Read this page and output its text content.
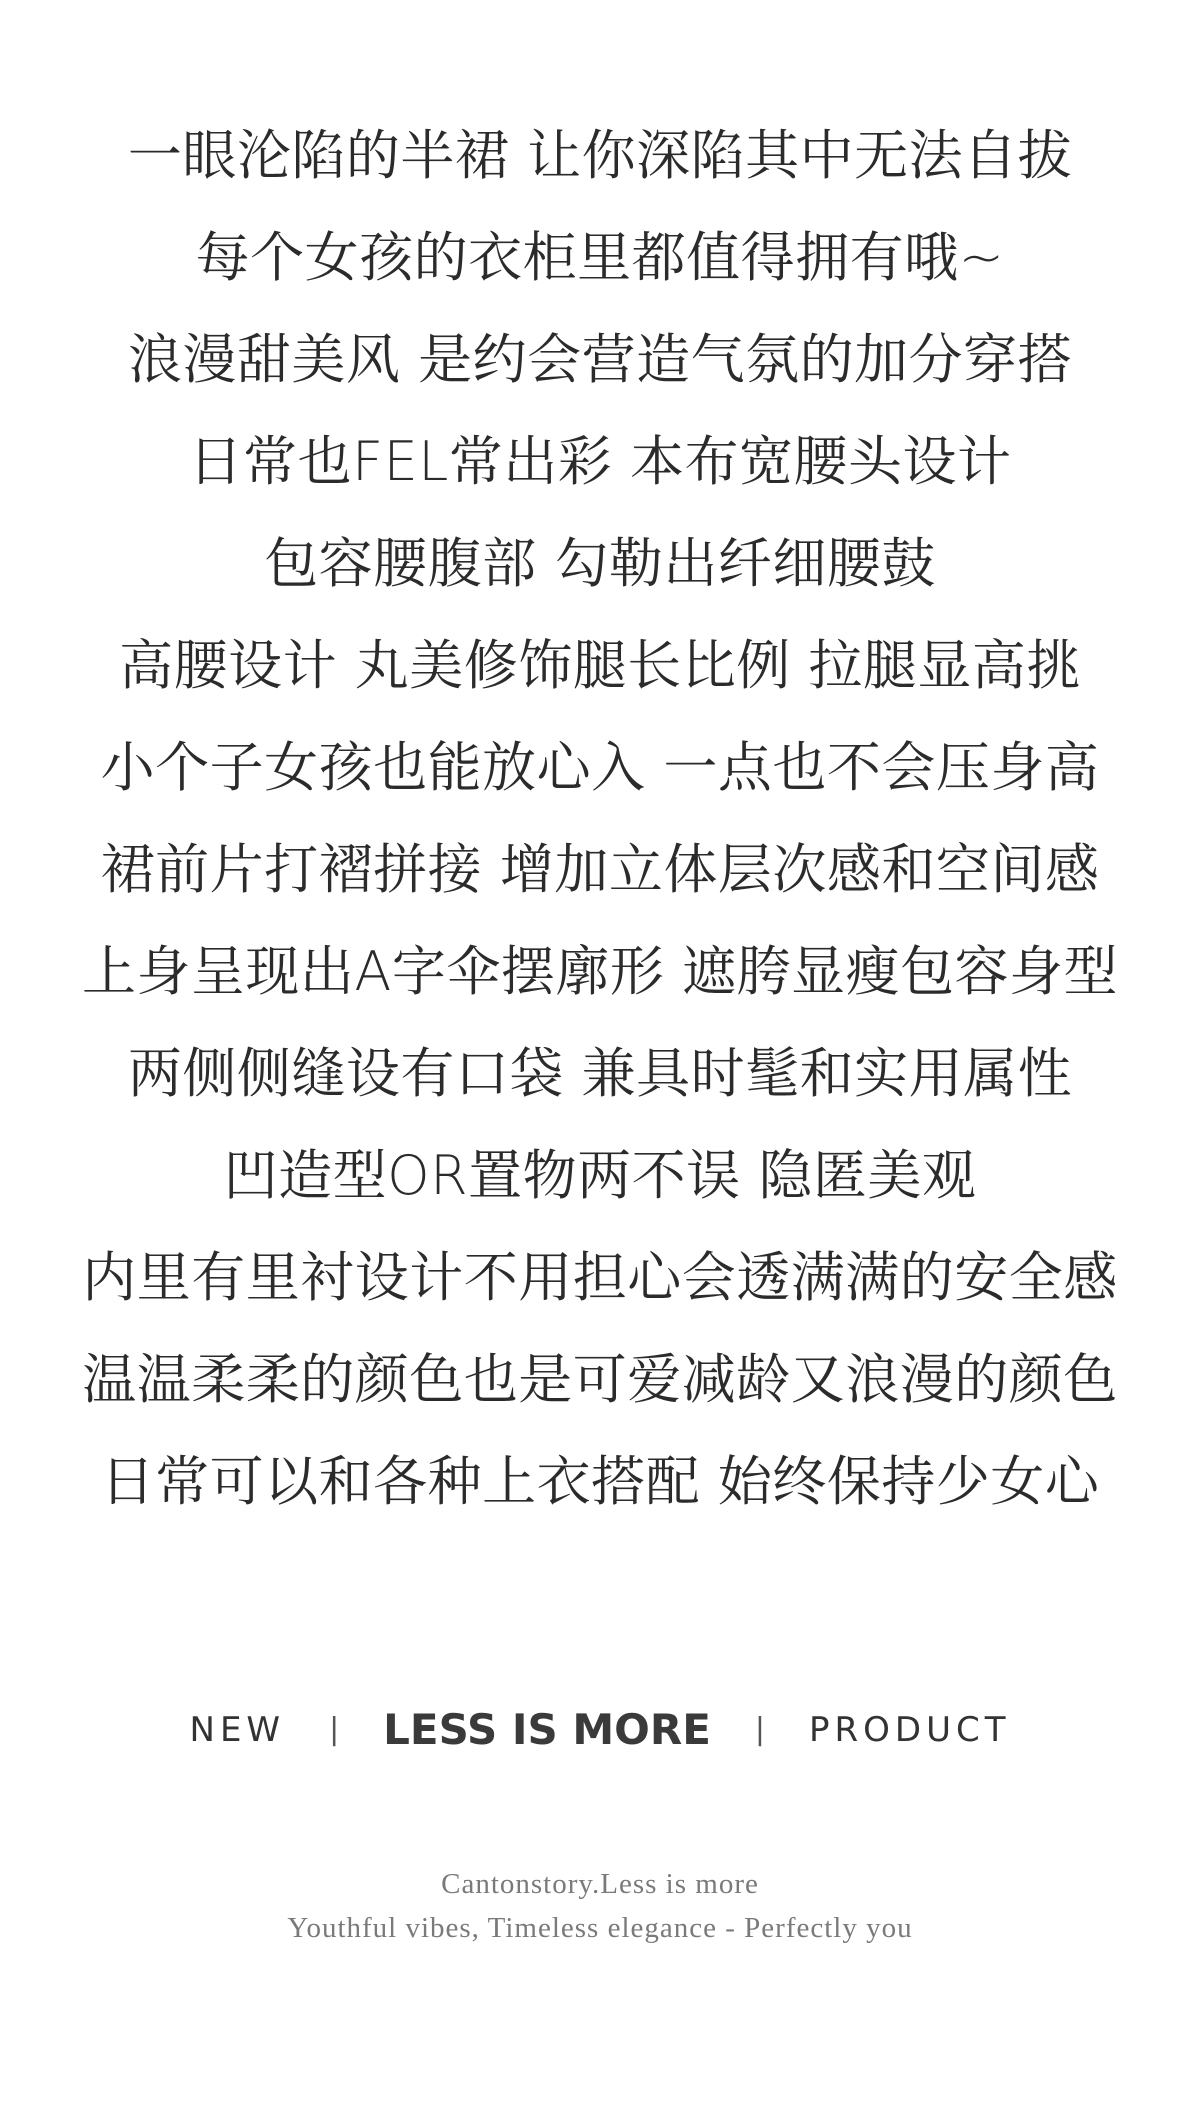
一眼沦陷的半裙 让你深陷其中无法自拔
每个女孩的衣柜里都值得拥有哦~
浪漫甜美风 是约会营造气氛的加分穿搭
日常也FEL常出彩 本布宽腰头设计
包容腰腹部 勾勒出纤细腰鼓
高腰设计 丸美修饰腿长比例 拉腿显高挑
小个子女孩也能放心入 一点也不会压身高
裙前片打褶拼接 增加立体层次感和空间感
上身呈现出A字伞摆廓形 遮胯显瘦包容身型
两侧侧缝设有口袋 兼具时髦和实用属性
凹造型OR置物两不误 隐匿美观
内里有里衬设计不用担心会透满满的安全感
温温柔柔的颜色也是可爱减龄又浪漫的颜色
日常可以和各种上衣搭配 始终保持少女心
NEW | LESS IS MORE | PRODUCT
Cantonstory.Less is more
Youthful vibes, Timeless elegance - Perfectly you
